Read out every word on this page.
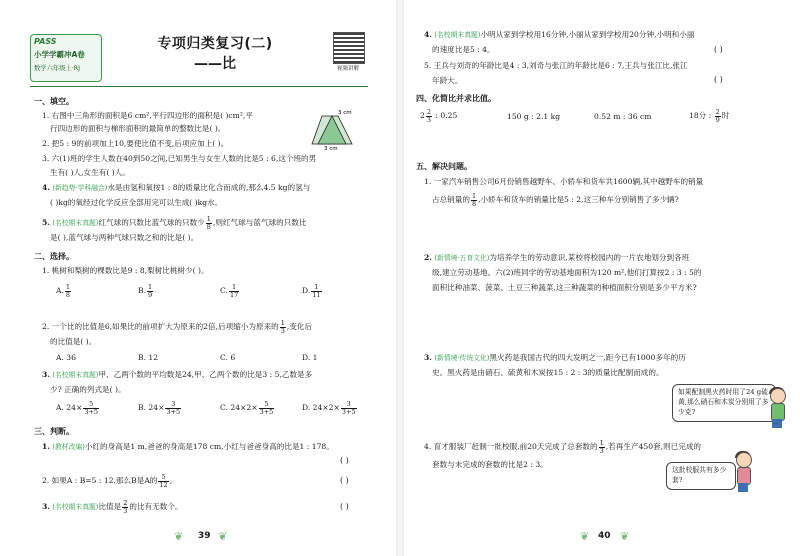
PASS
小学学霸冲A卷
数学六年级上·RJ
专项归类复习(二)
——比	视频讲解
一、填空。
1. 右图中三角形的面积是6 cm²,平行四边形的面积是( )cm²,平
行四边形的面积与梯形面积的最简单的整数比是( )。
3 cm
3 cm
2. 把5 : 9的前项加上10,要使比值不变,后项应加上( )。
3. 六(1)班的学生人数在40到50之间,已知男生与女生人数的比是5 : 6,这个班的男
生有( )人,女生有( )人。
4. (新趋势·学科融合)水是由氢和氧按1 : 8的质量比化合而成的,那么4.5 kg的氢与
( )kg的氧经过化学反应全部用完可以生成( )kg水。
5. (名校期末真题)红气球的只数比蓝气球的只数少 $\frac{1}{8}$ ,则红气球与蓝气球的只数比
是( ),蓝气球与两种气球只数之和的比是( )。
二、选择。
1. 桃树和梨树的棵数比是9 : 8,梨树比桃树少( )。
A. $\frac{1}{8}$	B. $\frac{1}{9}$	C. $\frac{1}{17}$	D. $\frac{1}{11}$
2. 一个比的比值是6,如果比的前项扩大为原来的2倍,后项缩小为原来的 $\frac{1}{3}$ ,变化后
的比值是( )。
A. 36	B. 12	C. 6	D. 1
3. (名校期末真题)甲、乙两个数的平均数是24,甲、乙两个数的比是3 : 5,乙数是多
少? 正确的列式是( )。
A. $24\times \frac{5}{3+5}$	B. $24\times \frac{3}{3+5}$	C. $24\times 2\times \frac{5}{3+5}$	D. $24\times 2\times \frac{3}{3+5}$
三、判断。
1. (教材改编)小红的身高是1 m,爸爸的身高是178 cm,小红与爸爸身高的比是1 : 178。
( )
2. 如果A : B=5 : 12,那么B是A的 $\frac{5}{12}$ 。	( )
3. (名校期末真题)比值是 $\frac{2}{3}$ 的比有无数个。	( )
❦ 39 ❦
4. (名校期末真题)小明从家到学校用16分钟,小丽从家到学校用20分钟,小明和小丽
的速度比是5 : 4。	( )
5. 王兵与刘奇的年龄比是4 : 3,刘奇与张江的年龄比是6 : 7,王兵与张江比,张江
年龄大。	( )
四、化简比并求比值。
$2 \frac{2}{3}$ : 0.25	150 g : 2.1 kg	0.52 m : 36 cm	18分 : $\frac{2}{9}$ 时
五、解决问题。
1. 一家汽车销售公司6月份销售越野车、小轿车和货车共1600辆,其中越野车的销量
占总销量的 $\frac{1}{8}$ ,小轿车和货车的销量比是5 : 2,这三种车分别销售了多少辆?
2. (新情境·五育文化)为培养学生的劳动意识,某校将校园内的一片农地划分到各班
级,建立劳动基地。六(2)班同学的劳动基地面积为120 m²,他们打算按2 : 3 : 5的
面积比种油菜、菠菜、土豆三种蔬菜,这三种蔬菜的种植面积分别是多少平方米?
3. (新情境·传统文化)黑火药是我国古代的四大发明之一,距今已有1000多年的历
史。黑火药是由硝石、硫黄和木炭按15 : 2 : 3的质量比配制而成的。
如果配制黑火药时用了24 g硫黄,那么硝石和木炭分别用了多少克?
4. 育才服装厂赶制一批校服,前20天完成了总套数的 $\frac{1}{3}$ ,若再生产450套,则已完成的
套数与未完成的套数的比是2 : 3。
这批校服共有多少套?
❦ 40 ❦
